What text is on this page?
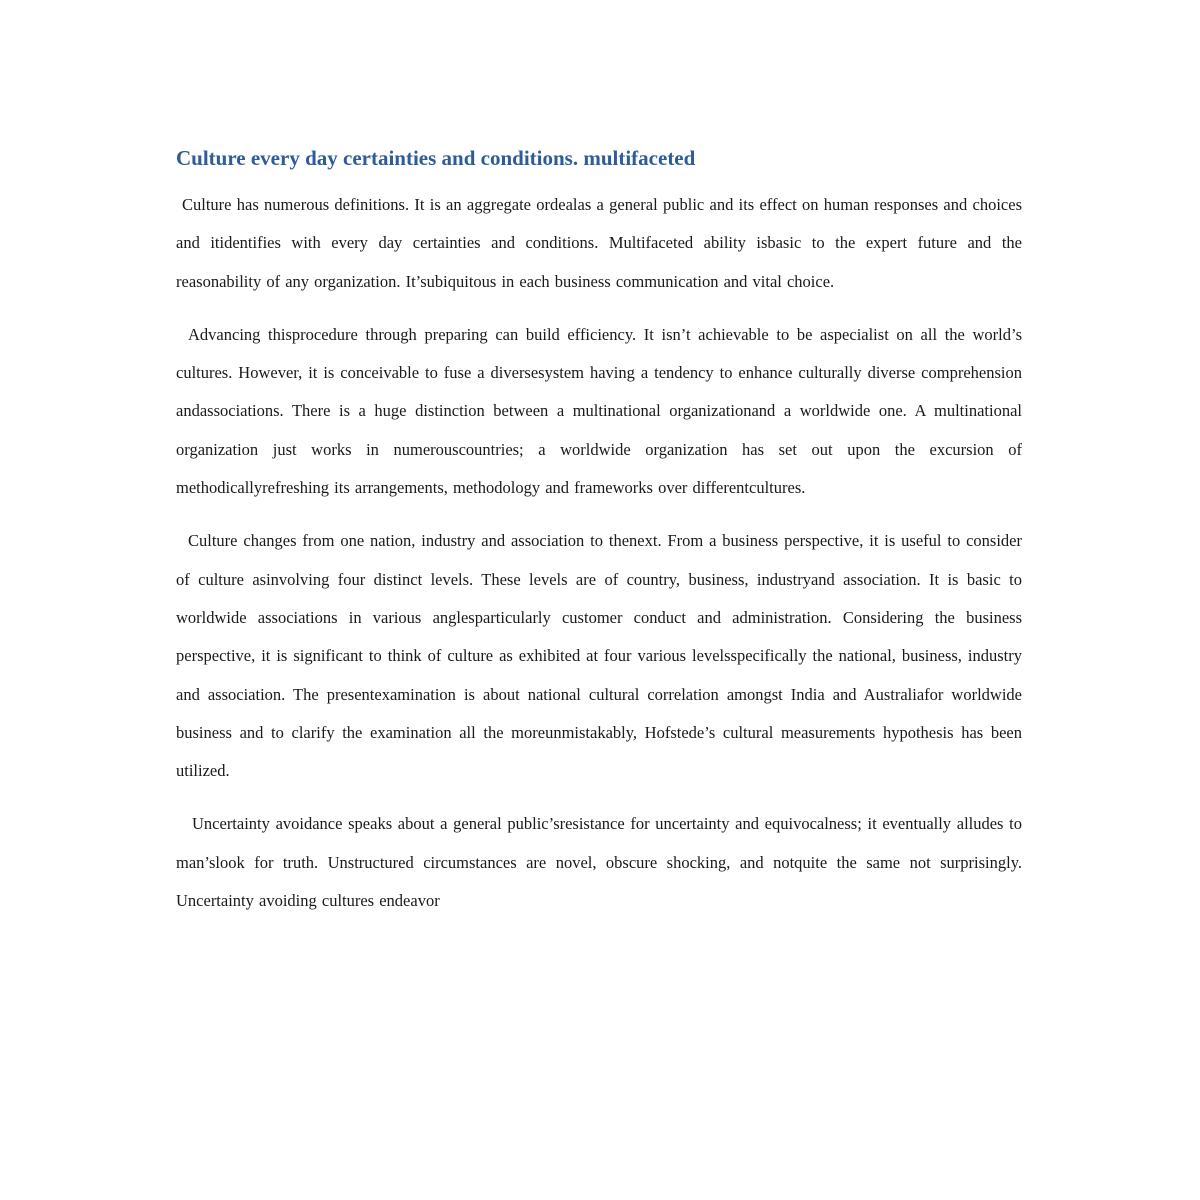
Culture every day certainties and conditions. multifaceted

Culture has numerous definitions. It is an aggregate ordealas a general public and its effect on human responses and choices and itidentifies with every day certainties and conditions. Multifaceted ability isbasic to the expert future and the reasonability of any organization. It’subiquitous in each business communication and vital choice.

Advancing thisprocedure through preparing can build efficiency. It isn’t achievable to be aspecialist on all the world’s cultures. However, it is conceivable to fuse a diversesystem having a tendency to enhance culturally diverse comprehension andassociations. There is a huge distinction between a multinational organizationand a worldwide one. A multinational organization just works in numerouscountries; a worldwide organization has set out upon the excursion of methodicallyrefreshing its arrangements, methodology and frameworks over differentcultures.

Culture changes from one nation, industry and association to thenext. From a business perspective, it is useful to consider of culture asinvolving four distinct levels. These levels are of country, business, industryand association. It is basic to worldwide associations in various anglesparticularly customer conduct and administration. Considering the business perspective, it is significant to think of culture as exhibited at four various levelsspecifically the national, business, industry and association. The presentexamination is about national cultural correlation amongst India and Australiafor worldwide business and to clarify the examination all the moreunmistakably, Hofstede’s cultural measurements hypothesis has been utilized.

Uncertainty avoidance speaks about a general public’sresistance for uncertainty and equivocalness; it eventually alludes to man’slook for truth. Unstructured circumstances are novel, obscure shocking, and notquite the same not surprisingly. Uncertainty avoiding cultures endeavor
